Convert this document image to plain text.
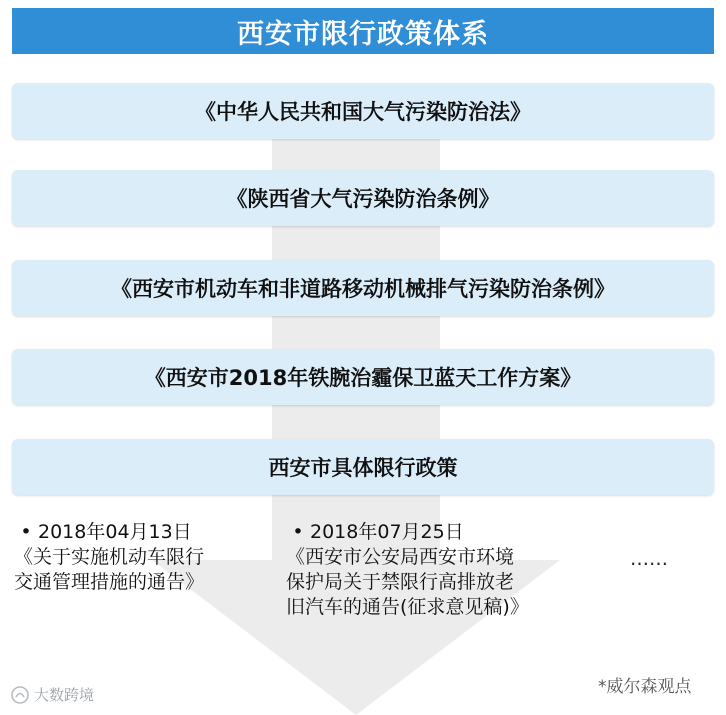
西安市限行政策体系
《中华人民共和国大气污染防治法》
《陕西省大气污染防治条例》
《西安市机动车和非道路移动机械排气污染防治条例》
《西安市2018年铁腕治霾保卫蓝天工作方案》
西安市具体限行政策
• 2018年04月13日
《关于实施机动车限行
交通管理措施的通告》
• 2018年07月25日
《西安市公安局西安市环境
保护局关于禁限行高排放老
旧汽车的通告(征求意见稿)》
……
*威尔森观点
大数跨境
